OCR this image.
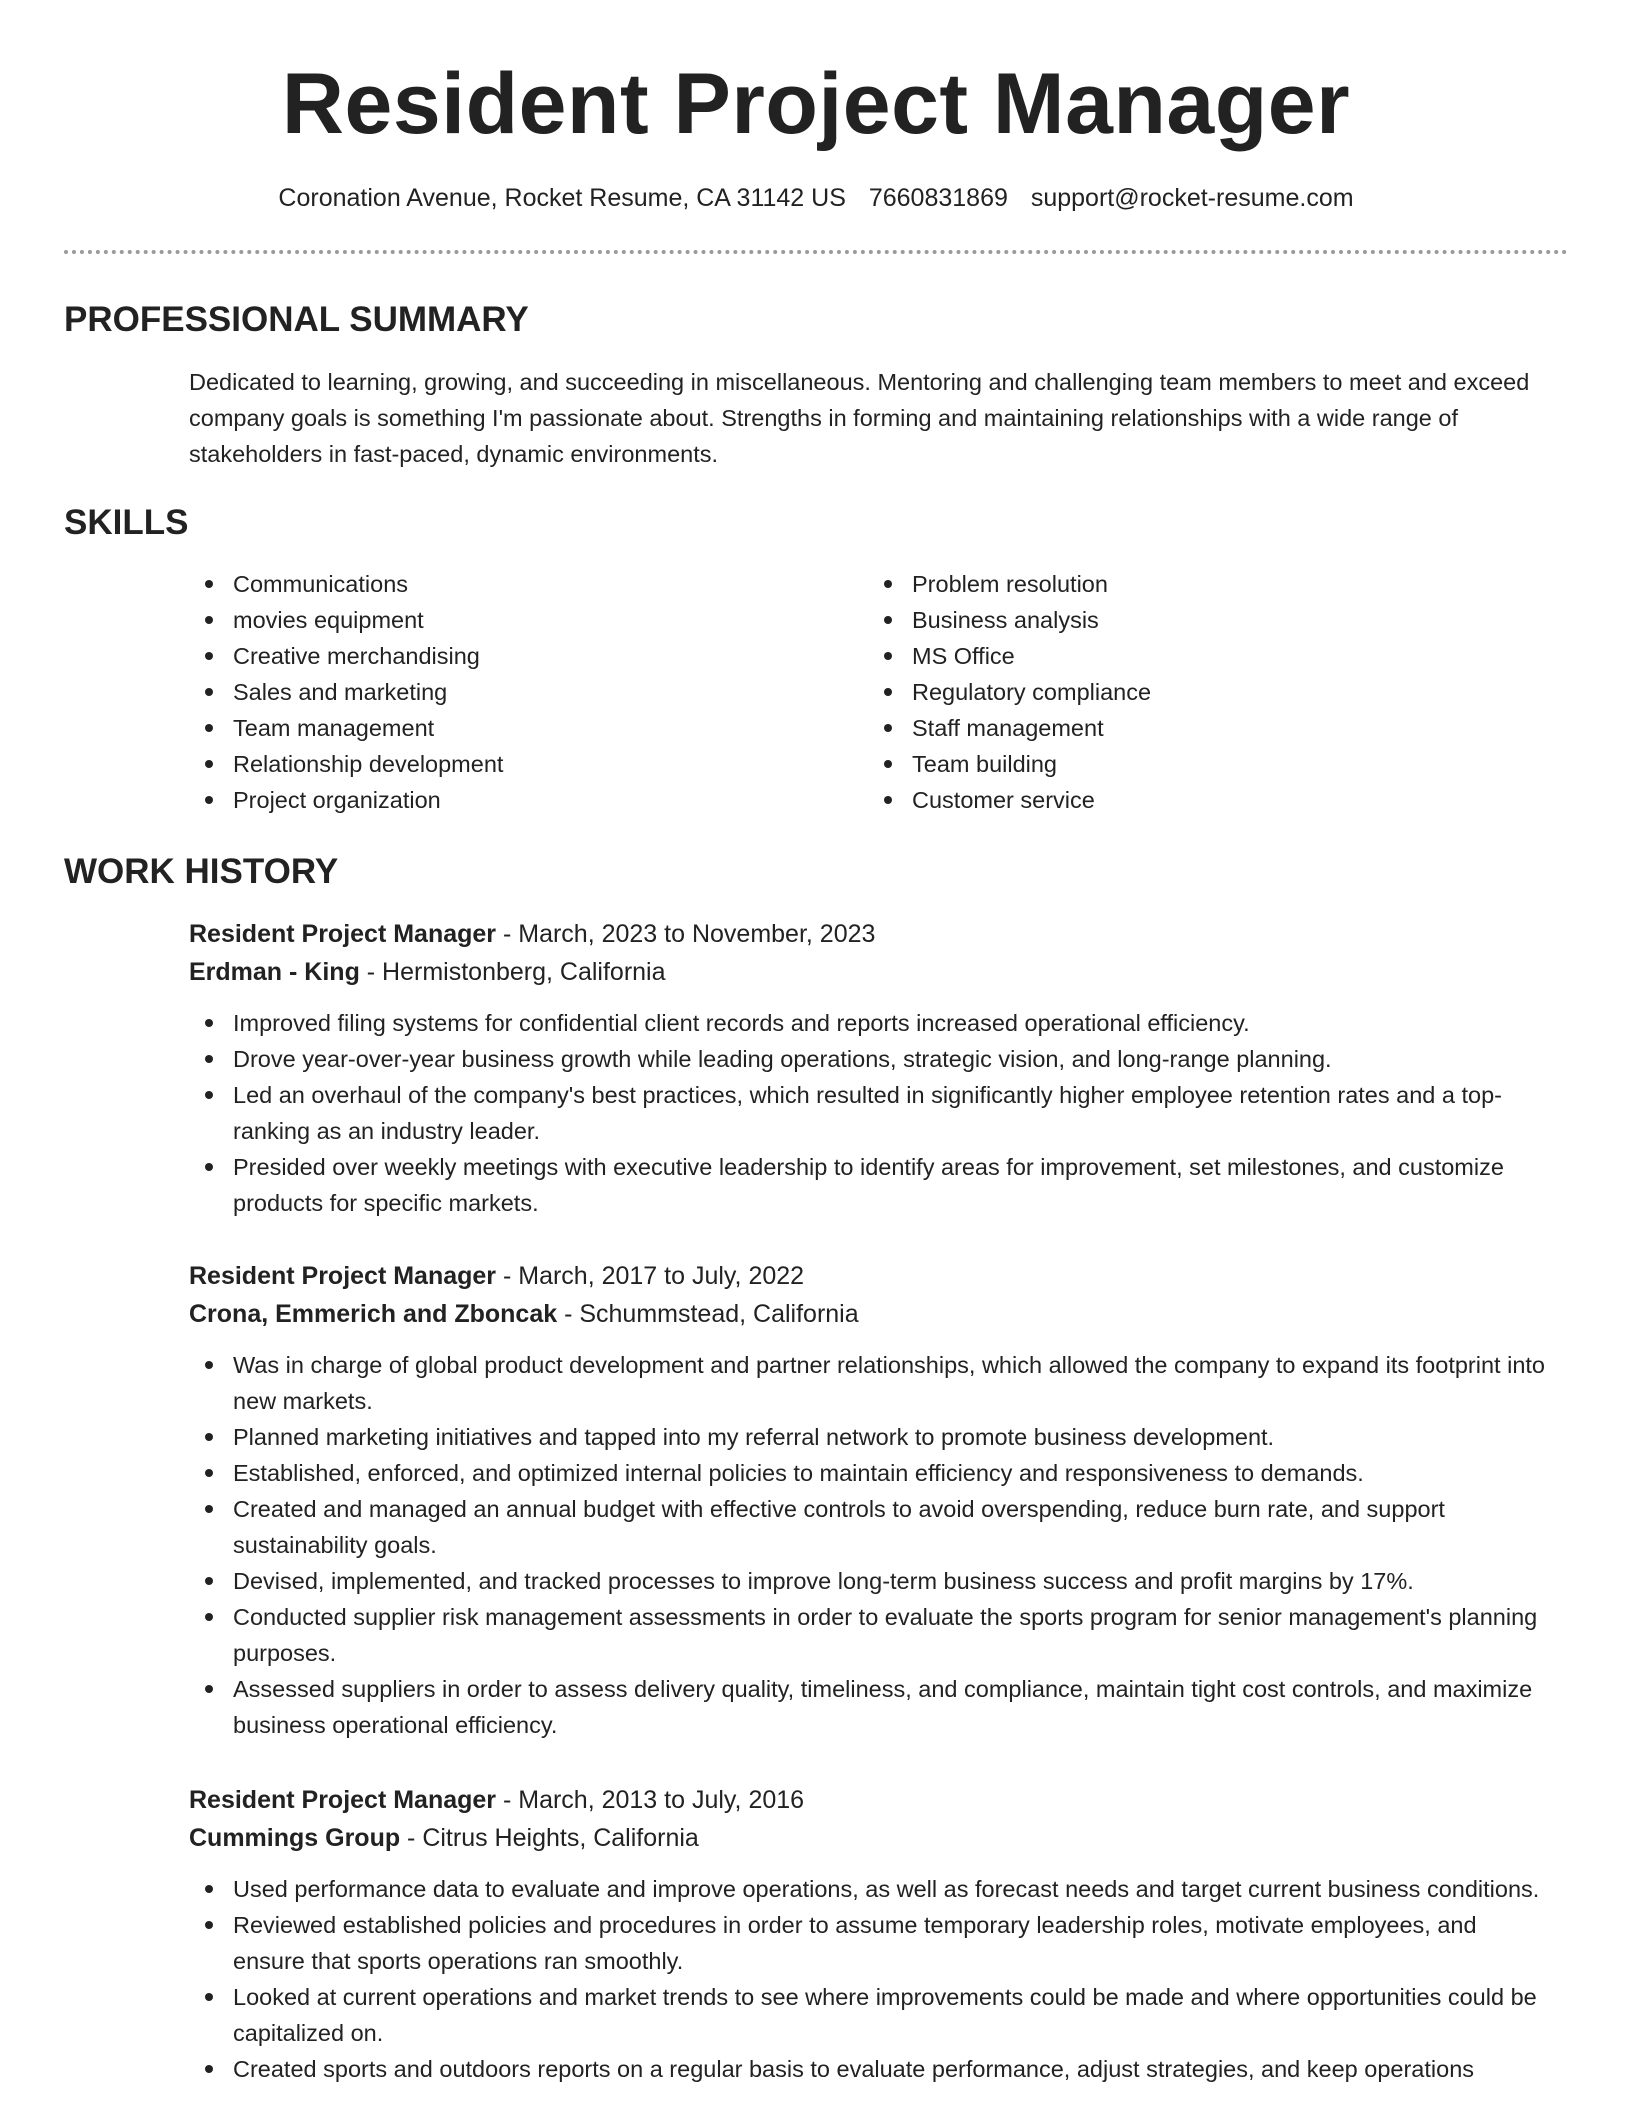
Resident Project Manager
Coronation Avenue, Rocket Resume, CA 31142 US 7660831869 support@rocket-resume.com
PROFESSIONAL SUMMARY

Dedicated to learning, growing, and succeeding in miscellaneous. Mentoring and challenging team members to meet and exceed company goals is something I'm passionate about. Strengths in forming and maintaining relationships with a wide range of stakeholders in fast-paced, dynamic environments.

SKILLS
Communications
movies equipment
Creative merchandising
Sales and marketing
Team management
Relationship development
Project organization
Problem resolution
Business analysis
MS Office
Regulatory compliance
Staff management
Team building
Customer service
WORK HISTORY
Resident Project Manager - March, 2023 to November, 2023
Erdman - King - Hermistonberg, California
Improved filing systems for confidential client records and reports increased operational efficiency.
Drove year-over-year business growth while leading operations, strategic vision, and long-range planning.
Led an overhaul of the company's best practices, which resulted in significantly higher employee retention rates and a top-ranking as an industry leader.
Presided over weekly meetings with executive leadership to identify areas for improvement, set milestones, and customize products for specific markets.
Resident Project Manager - March, 2017 to July, 2022
Crona, Emmerich and Zboncak - Schummstead, California
Was in charge of global product development and partner relationships, which allowed the company to expand its footprint into new markets.
Planned marketing initiatives and tapped into my referral network to promote business development.
Established, enforced, and optimized internal policies to maintain efficiency and responsiveness to demands.
Created and managed an annual budget with effective controls to avoid overspending, reduce burn rate, and support sustainability goals.
Devised, implemented, and tracked processes to improve long-term business success and profit margins by 17%.
Conducted supplier risk management assessments in order to evaluate the sports program for senior management's planning purposes.
Assessed suppliers in order to assess delivery quality, timeliness, and compliance, maintain tight cost controls, and maximize business operational efficiency.
Resident Project Manager - March, 2013 to July, 2016
Cummings Group - Citrus Heights, California
Used performance data to evaluate and improve operations, as well as forecast needs and target current business conditions.
Reviewed established policies and procedures in order to assume temporary leadership roles, motivate employees, and ensure that sports operations ran smoothly.
Looked at current operations and market trends to see where improvements could be made and where opportunities could be capitalized on.
Created sports and outdoors reports on a regular basis to evaluate performance, adjust strategies, and keep operations
